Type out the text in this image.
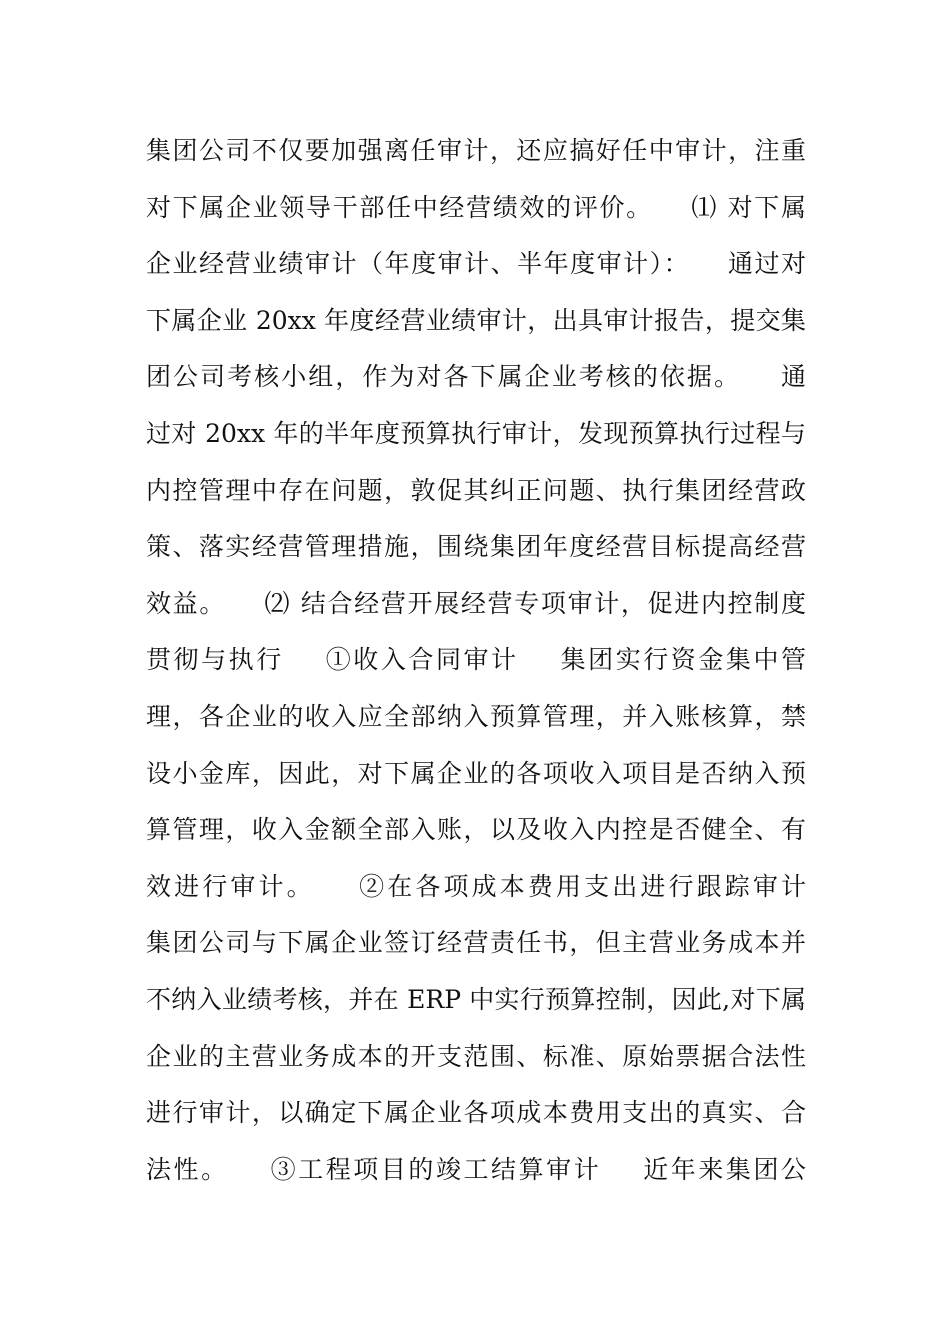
集团公司不仅要加强离任审计，还应搞好任中审计，注重
对下属企业领导干部任中经营绩效的评价。    ⑴ 对下属
企业经营业绩审计（年度审计、半年度审计）：    通过对
下属企业 20xx 年度经营业绩审计，出具审计报告，提交集
团公司考核小组，作为对各下属企业考核的依据。    通
过对 20xx 年的半年度预算执行审计，发现预算执行过程与
内控管理中存在问题，敦促其纠正问题、执行集团经营政
策、落实经营管理措施，围绕集团年度经营目标提高经营
效益。    ⑵ 结合经营开展经营专项审计，促进内控制度
贯彻与执行    ①收入合同审计    集团实行资金集中管
理，各企业的收入应全部纳入预算管理，并入账核算，禁
设小金库，因此，对下属企业的各项收入项目是否纳入预
算管理，收入金额全部入账，以及收入内控是否健全、有
效进行审计。    ②在各项成本费用支出进行跟踪审计
集团公司与下属企业签订经营责任书，但主营业务成本并
不纳入业绩考核，并在 ERP 中实行预算控制，因此,对下属
企业的主营业务成本的开支范围、标准、原始票据合法性
进行审计，以确定下属企业各项成本费用支出的真实、合
法性。    ③工程项目的竣工结算审计    近年来集团公
